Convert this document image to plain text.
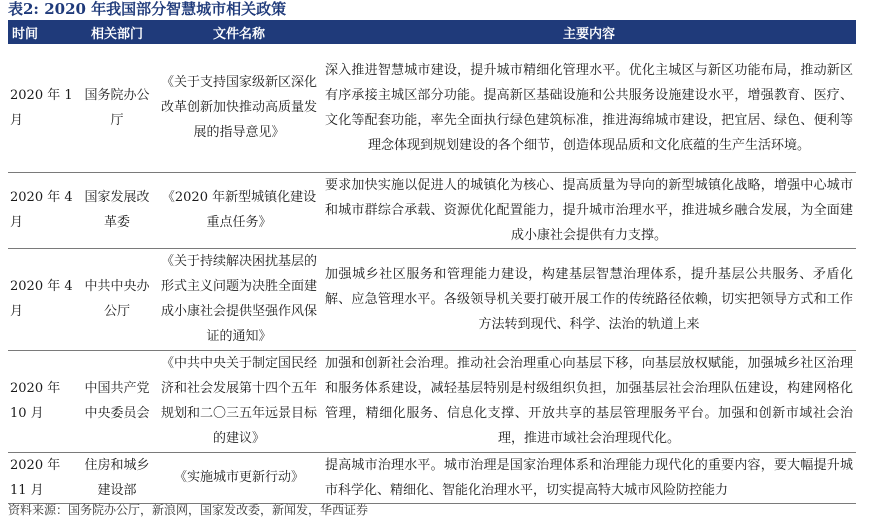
表2: 2020 年我国部分智慧城市相关政策
时间	相关部门	文件名称	主要内容
2020 年 1 月	国务院办公厅	《关于支持国家级新区深化改革创新加快推动高质量发展的指导意见》	深入推进智慧城市建设，提升城市精细化管理水平。优化主城区与新区功能布局，推动新区有序承接主城区部分功能。提高新区基础设施和公共服务设施建设水平，增强教育、医疗、文化等配套功能，率先全面执行绿色建筑标准，推进海绵城市建设，把宜居、绿色、便利等理念体现到规划建设的各个细节，创造体现品质和文化底蕴的生产生活环境。
2020 年 4 月	国家发展改革委	《2020 年新型城镇化建设重点任务》	要求加快实施以促进人的城镇化为核心、提高质量为导向的新型城镇化战略，增强中心城市和城市群综合承载、资源优化配置能力，提升城市治理水平，推进城乡融合发展，为全面建成小康社会提供有力支撑。
2020 年 4 月	中共中央办公厅	《关于持续解决困扰基层的形式主义问题为决胜全面建成小康社会提供坚强作风保证的通知》	加强城乡社区服务和管理能力建设，构建基层智慧治理体系，提升基层公共服务、矛盾化解、应急管理水平。各级领导机关要打破开展工作的传统路径依赖，切实把领导方式和工作方法转到现代、科学、法治的轨道上来
2020 年 10 月	中国共产党中央委员会	《中共中央关于制定国民经济和社会发展第十四个五年规划和二〇三五年远景目标的建议》	加强和创新社会治理。推动社会治理重心向基层下移，向基层放权赋能，加强城乡社区治理和服务体系建设，减轻基层特别是村级组织负担，加强基层社会治理队伍建设，构建网格化管理，精细化服务、信息化支撑、开放共享的基层管理服务平台。加强和创新市域社会治理，推进市域社会治理现代化。
2020 年 11 月	住房和城乡建设部	《实施城市更新行动》	提高城市治理水平。城市治理是国家治理体系和治理能力现代化的重要内容，要大幅提升城市科学化、精细化、智能化治理水平，切实提高特大城市风险防控能力
资料来源：国务院办公厅，新浪网，国家发改委，新闻发，华西证券
